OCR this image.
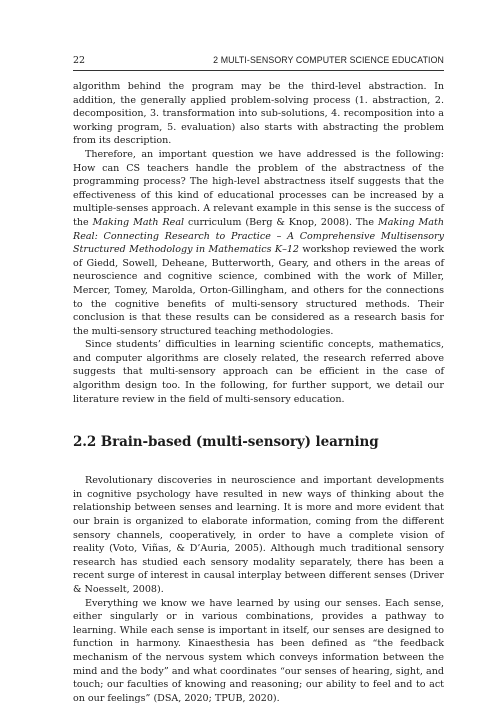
22	2 MULTI-SENSORY COMPUTER SCIENCE EDUCATION

algorithm behind the program may be the third-level abstraction. In addition, the generally applied problem-solving process (1. abstraction, 2. decomposition, 3. transformation into sub-solutions, 4. recomposition into a working program, 5. evaluation) also starts with abstracting the problem from its description.

Therefore, an important question we have addressed is the following: How can CS teachers handle the problem of the abstractness of the programming process? The high-level abstractness itself suggests that the effectiveness of this kind of educational processes can be increased by a multiple-senses approach. A relevant example in this sense is the success of the Making Math Real curriculum (Berg & Knop, 2008). The Making Math Real: Connecting Research to Practice – A Comprehensive Multisensory Structured Methodology in Mathematics K–12 workshop reviewed the work of Giedd, Sowell, Deheane, Butterworth, Geary, and others in the areas of neuroscience and cognitive science, combined with the work of Miller, Mercer, Tomey, Marolda, Orton-Gillingham, and others for the connections to the cognitive benefits of multi-sensory structured methods. Their conclusion is that these results can be considered as a research basis for the multi-sensory structured teaching methodologies.

Since students’ difficulties in learning scientific concepts, mathematics, and computer algorithms are closely related, the research referred above suggests that multi-sensory approach can be efficient in the case of algorithm design too. In the following, for further support, we detail our literature review in the field of multi-sensory education.

2.2 Brain-based (multi-sensory) learning

Revolutionary discoveries in neuroscience and important developments in cognitive psychology have resulted in new ways of thinking about the relationship between senses and learning. It is more and more evident that our brain is organized to elaborate information, coming from the different sensory channels, cooperatively, in order to have a complete vision of reality (Voto, Viñas, & D’Auria, 2005). Although much traditional sensory research has studied each sensory modality separately, there has been a recent surge of interest in causal interplay between different senses (Driver & Noesselt, 2008).

Everything we know we have learned by using our senses. Each sense, either singularly or in various combinations, provides a pathway to learning. While each sense is important in itself, our senses are designed to function in harmony. Kinaesthesia has been defined as “the feedback mechanism of the nervous system which conveys information between the mind and the body” and what coordinates “our senses of hearing, sight, and touch; our faculties of knowing and reasoning; our ability to feel and to act on our feelings” (DSA, 2020; TPUB, 2020).
